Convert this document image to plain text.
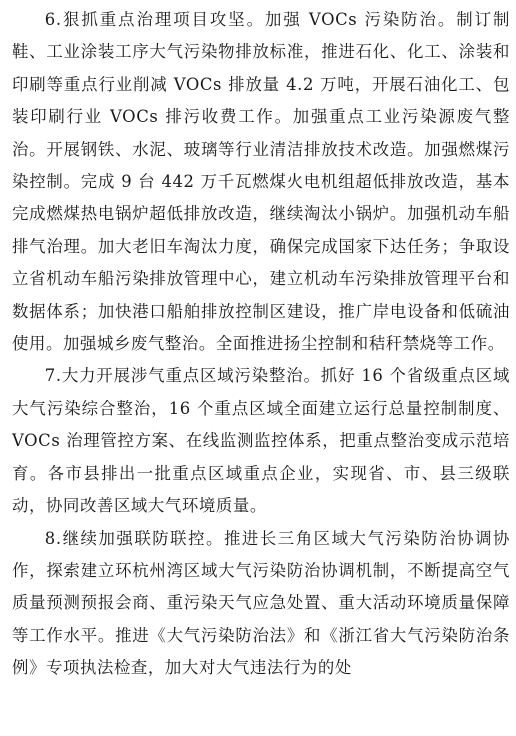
6.狠抓重点治理项目攻坚。加强 VOCs 污染防治。制订制鞋、工业涂装工序大气污染物排放标准，推进石化、化工、涂装和印刷等重点行业削减 VOCs 排放量 4.2 万吨，开展石油化工、包装印刷行业 VOCs 排污收费工作。加强重点工业污染源废气整治。开展钢铁、水泥、玻璃等行业清洁排放技术改造。加强燃煤污染控制。完成 9 台 442 万千瓦燃煤火电机组超低排放改造，基本完成燃煤热电锅炉超低排放改造，继续淘汰小锅炉。加强机动车船排气治理。加大老旧车淘汰力度，确保完成国家下达任务；争取设立省机动车船污染排放管理中心，建立机动车污染排放管理平台和数据体系；加快港口船舶排放控制区建设，推广岸电设备和低硫油使用。加强城乡废气整治。全面推进扬尘控制和秸秆禁烧等工作。

7.大力开展涉气重点区域污染整治。抓好 16 个省级重点区域大气污染综合整治，16 个重点区域全面建立运行总量控制制度、VOCs 治理管控方案、在线监测监控体系，把重点整治变成示范培育。各市县排出一批重点区域重点企业，实现省、市、县三级联动，协同改善区域大气环境质量。

8.继续加强联防联控。推进长三角区域大气污染防治协调协作，探索建立环杭州湾区域大气污染防治协调机制，不断提高空气质量预测预报会商、重污染天气应急处置、重大活动环境质量保障等工作水平。推进《大气污染防治法》和《浙江省大气污染防治条例》专项执法检查，加大对大气违法行为的处
